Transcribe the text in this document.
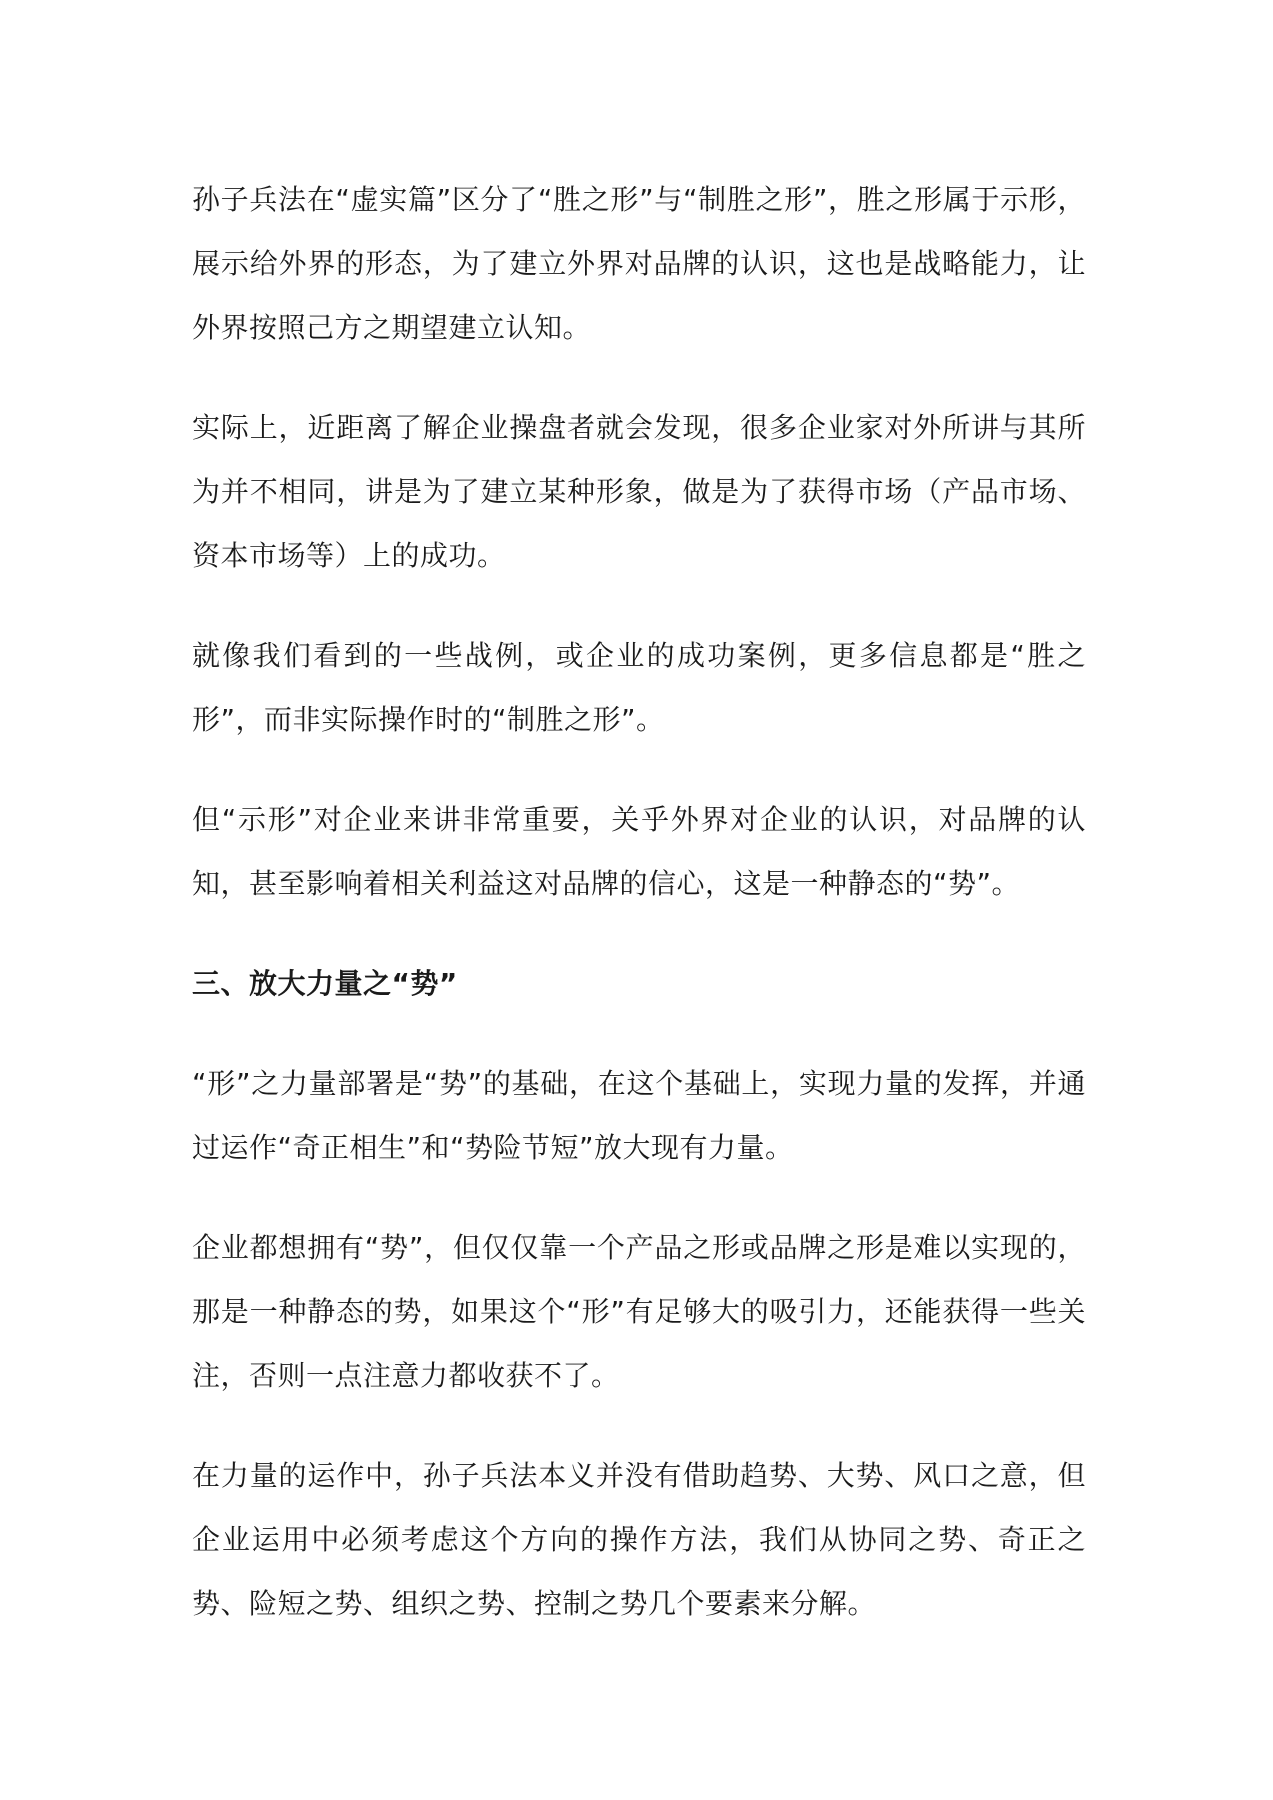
孙子兵法在“虚实篇”区分了“胜之形”与“制胜之形”，胜之形属于示形，展示给外界的形态，为了建立外界对品牌的认识，这也是战略能力，让外界按照己方之期望建立认知。

实际上，近距离了解企业操盘者就会发现，很多企业家对外所讲与其所为并不相同，讲是为了建立某种形象，做是为了获得市场（产品市场、资本市场等）上的成功。

就像我们看到的一些战例，或企业的成功案例，更多信息都是“胜之形”，而非实际操作时的“制胜之形”。

但“示形”对企业来讲非常重要，关乎外界对企业的认识，对品牌的认知，甚至影响着相关利益这对品牌的信心，这是一种静态的“势”。

三、放大力量之“势”

“形”之力量部署是“势”的基础，在这个基础上，实现力量的发挥，并通过运作“奇正相生”和“势险节短”放大现有力量。

企业都想拥有“势”，但仅仅靠一个产品之形或品牌之形是难以实现的，那是一种静态的势，如果这个“形”有足够大的吸引力，还能获得一些关注，否则一点注意力都收获不了。

在力量的运作中，孙子兵法本义并没有借助趋势、大势、风口之意，但企业运用中必须考虑这个方向的操作方法，我们从协同之势、奇正之势、险短之势、组织之势、控制之势几个要素来分解。
